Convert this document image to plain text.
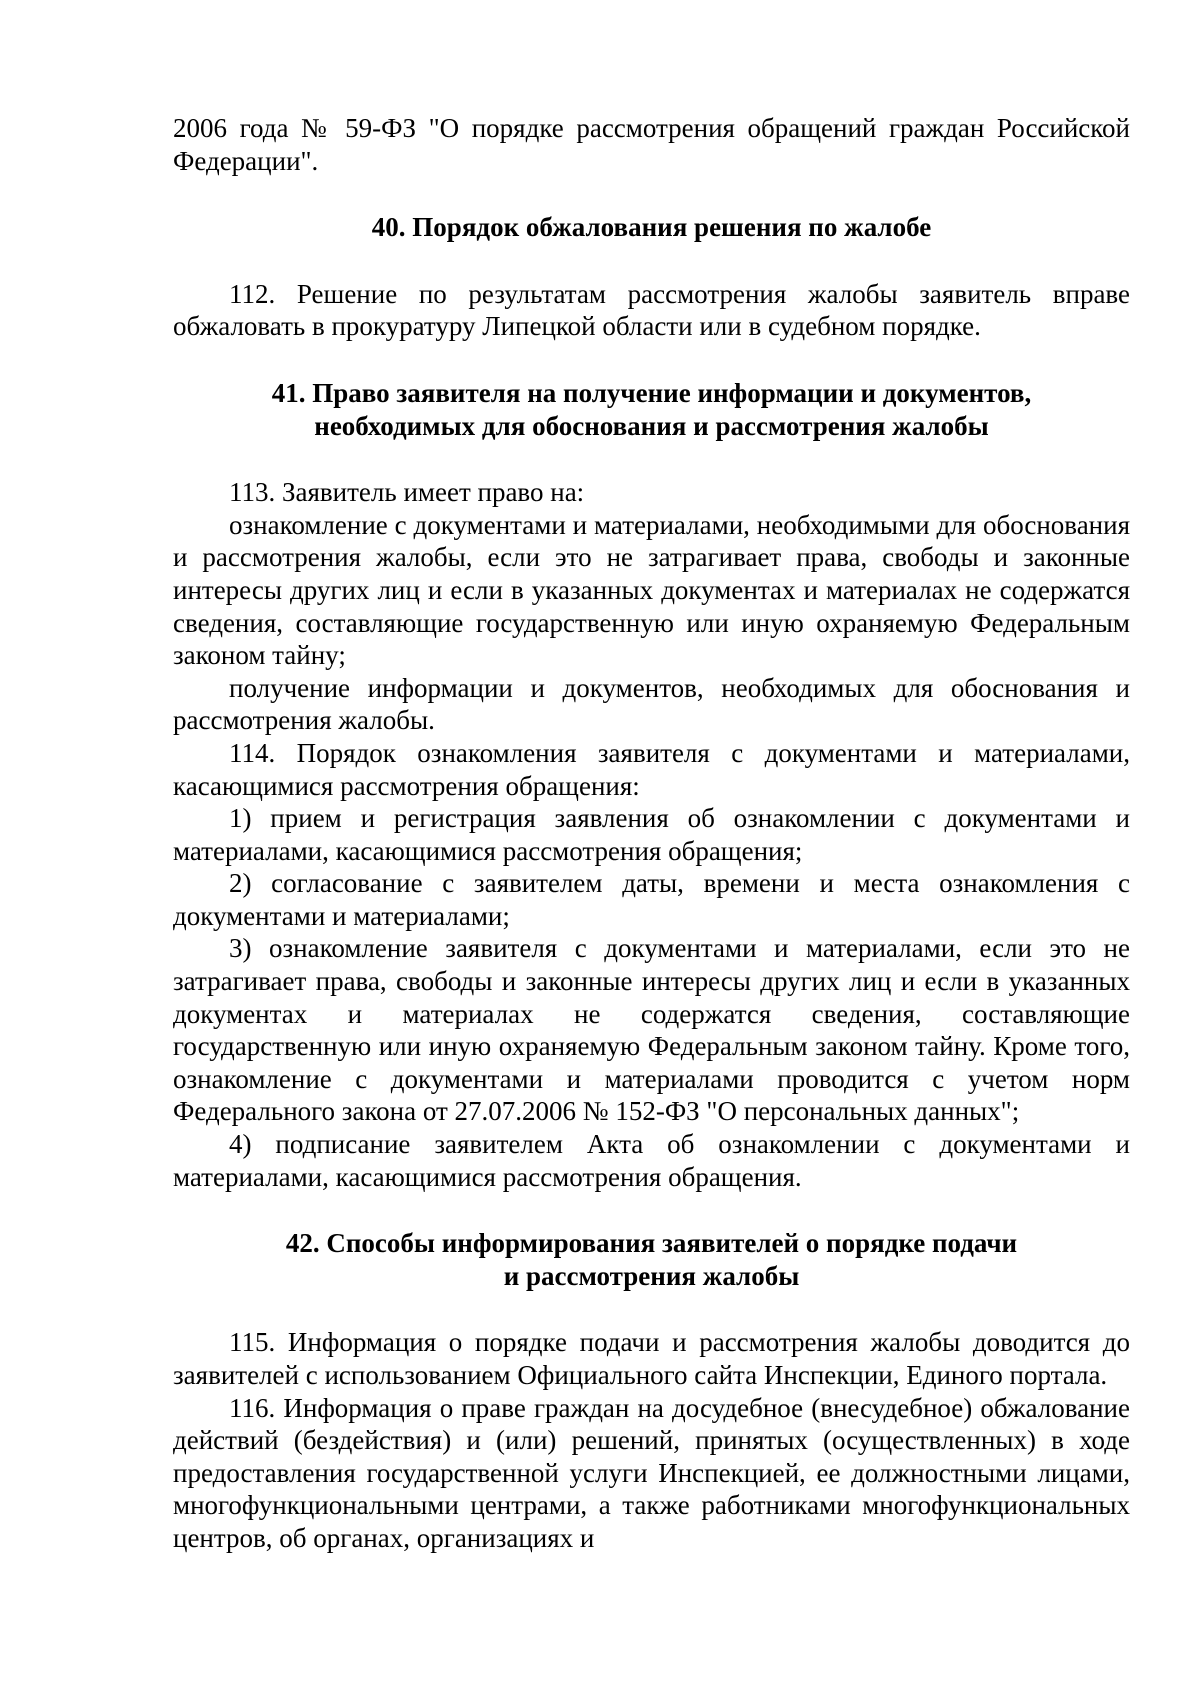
2006 года № 59-ФЗ "О порядке рассмотрения обращений граждан Российской Федерации".

40. Порядок обжалования решения по жалобе

112. Решение по результатам рассмотрения жалобы заявитель вправе обжаловать в прокуратуру Липецкой области или в судебном порядке.

41. Право заявителя на получение информации и документов,

необходимых для обоснования и рассмотрения жалобы

113. Заявитель имеет право на:

ознакомление с документами и материалами, необходимыми для обоснования и рассмотрения жалобы, если это не затрагивает права, свободы и законные интересы других лиц и если в указанных документах и материалах не содержатся сведения, составляющие государственную или иную охраняемую Федеральным законом тайну;

получение информации и документов, необходимых для обоснования и рассмотрения жалобы.

114. Порядок ознакомления заявителя с документами и материалами, касающимися рассмотрения обращения:

1) прием и регистрация заявления об ознакомлении с документами и материалами, касающимися рассмотрения обращения;

2) согласование с заявителем даты, времени и места ознакомления с документами и материалами;

3) ознакомление заявителя с документами и материалами, если это не затрагивает права, свободы и законные интересы других лиц и если в указанных документах и материалах не содержатся сведения, составляющие государственную или иную охраняемую Федеральным законом тайну. Кроме того, ознакомление с документами и материалами проводится с учетом норм Федерального закона от 27.07.2006 № 152-ФЗ "О персональных данных";

4) подписание заявителем Акта об ознакомлении с документами и материалами, касающимися рассмотрения обращения.

42. Способы информирования заявителей о порядке подачи

и рассмотрения жалобы

115. Информация о порядке подачи и рассмотрения жалобы доводится до заявителей с использованием Официального сайта Инспекции, Единого портала.

116. Информация о праве граждан на досудебное (внесудебное) обжалование действий (бездействия) и (или) решений, принятых (осуществленных) в ходе предоставления государственной услуги Инспекцией, ее должностными лицами, многофункциональными центрами, а также работниками многофункциональных центров, об органах, организациях и
